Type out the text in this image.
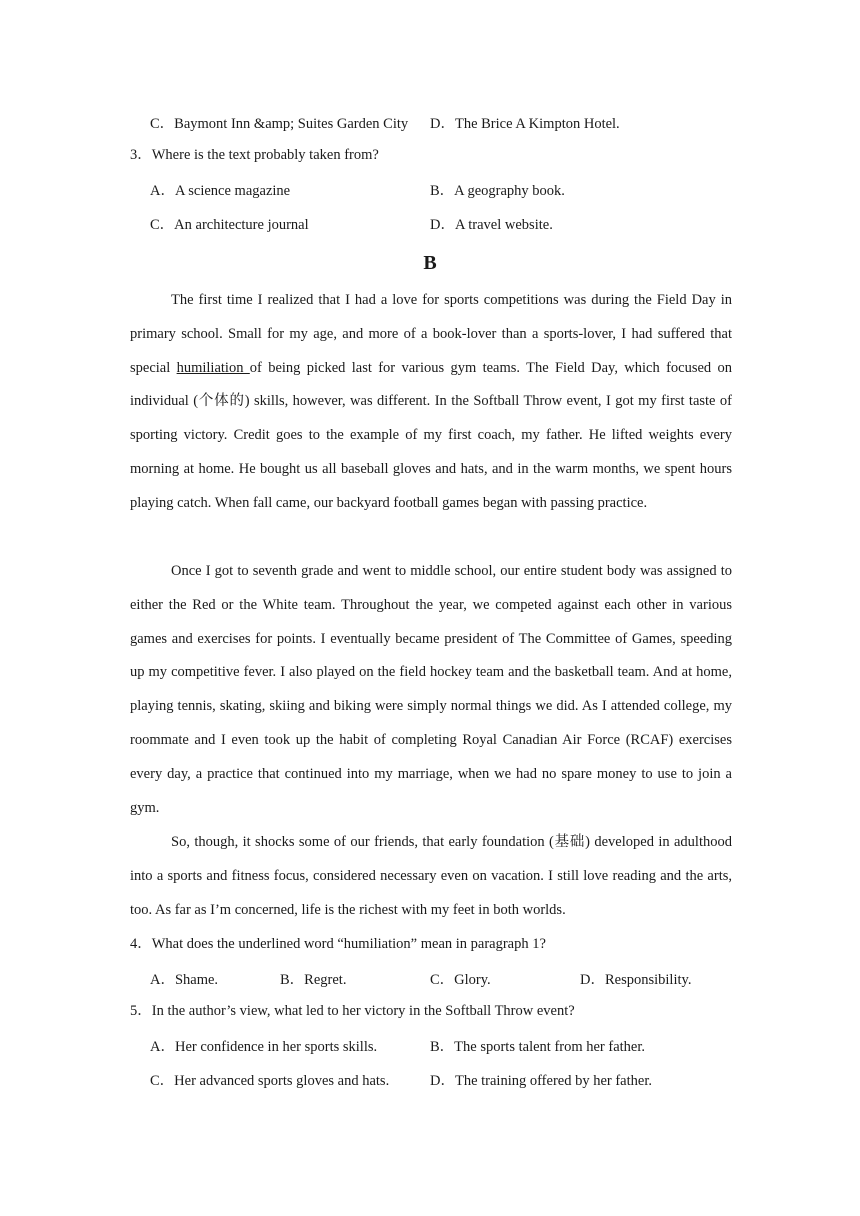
C．Baymont Inn &amp; Suites Garden City D．The Brice A Kimpton Hotel.
3．Where is the text probably taken from?
A．A science magazine	B．A geography book.
C．An architecture journal	D．A travel website.
B
The first time I realized that I had a love for sports competitions was during the Field Day in primary school. Small for my age, and more of a book-lover than a sports-lover, I had suffered that special humiliation of being picked last for various gym teams. The Field Day, which focused on individual (个体的) skills, however, was different. In the Softball Throw event, I got my first taste of sporting victory. Credit goes to the example of my first coach, my father. He lifted weights every morning at home. He bought us all baseball gloves and hats, and in the warm months, we spent hours playing catch. When fall came, our backyard football games began with passing practice.
Once I got to seventh grade and went to middle school, our entire student body was assigned to either the Red or the White team. Throughout the year, we competed against each other in various games and exercises for points. I eventually became president of The Committee of Games, speeding up my competitive fever. I also played on the field hockey team and the basketball team. And at home, playing tennis, skating, skiing and biking were simply normal things we did. As I attended college, my roommate and I even took up the habit of completing Royal Canadian Air Force (RCAF) exercises every day, a practice that continued into my marriage, when we had no spare money to use to join a gym.
So, though, it shocks some of our friends, that early foundation (基础) developed in adulthood into a sports and fitness focus, considered necessary even on vacation. I still love reading and the arts, too. As far as I’m concerned, life is the richest with my feet in both worlds.
4．What does the underlined word “humiliation” mean in paragraph 1?
A．Shame.	B．Regret.	C．Glory.	D．Responsibility.
5．In the author’s view, what led to her victory in the Softball Throw event?
A．Her confidence in her sports skills.	B．The sports talent from her father.
C．Her advanced sports gloves and hats.	D．The training offered by her father.
